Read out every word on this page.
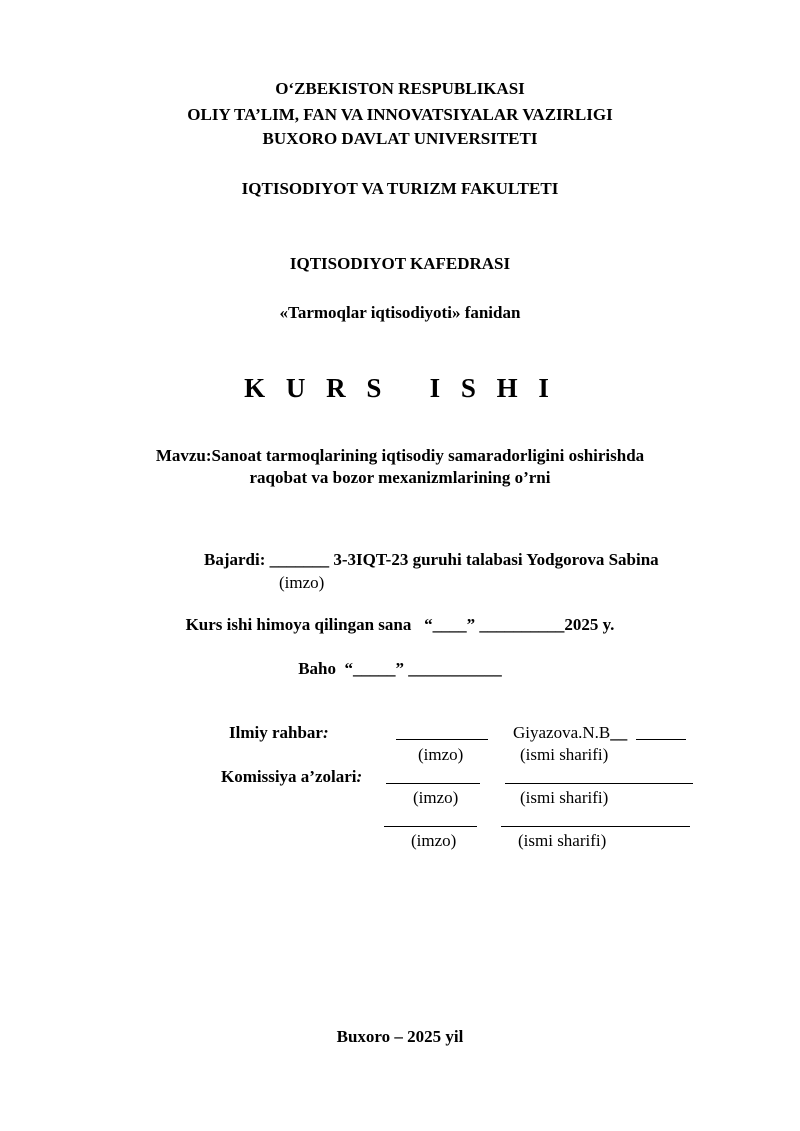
O‘ZBEKISTON RESPUBLIKASI
OLIY TA’LIM, FAN VA INNOVATSIYALAR VAZIRLIGI
BUXORO DAVLAT UNIVERSITETI
IQTISODIYOT VA TURIZM FAKULTETI
IQTISODIYOT KAFEDRASI
«Tarmoqlar iqtisodiyoti» fanidan
K U R S   I S H I
Mavzu:Sanoat tarmoqlarining iqtisodiy samaradorligini oshirishda
raqobat va bozor mexanizmlarining o’rni
Bajardi: _______ 3-3IQT-23 guruhi talabasi Yodgorova Sabina
(imzo)
Kurs ishi himoya qilingan sana   “____” __________2025 y.
Baho  “_____” ___________
Ilmiy rahbar:	Giyazova.N.B__
(imzo)	(ismi sharifi)
Komissiya a’zolari:
(imzo)	(ismi sharifi)
(imzo)	(ismi sharifi)
Buxoro – 2025 yil
